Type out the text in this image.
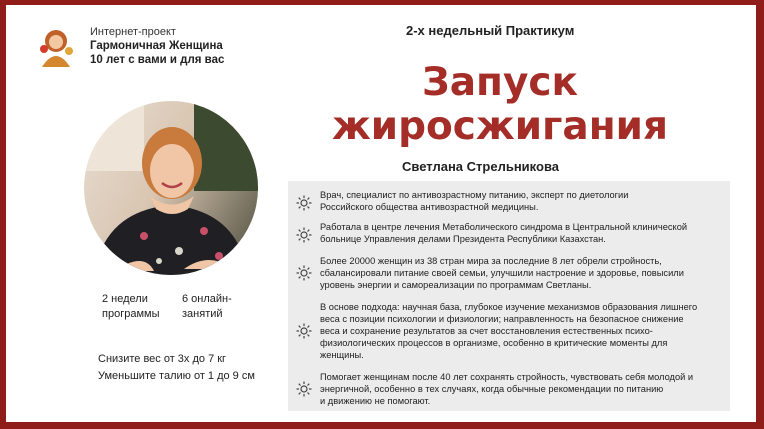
Интернет-проект
Гармоничная Женщина
10 лет с вами и для вас
2-х недельный Практикум
Запуск
жиросжигания
Светлана Стрельникова
2 недели
программы
6 онлайн-
занятий
Снизите вес от 3х до 7 кг
Уменьшите талию от 1 до 9 см
Врач, специалист по антивозрастному питанию, эксперт по диетологии
Российского общества антивозрастной медицины.
Работала в центре лечения Метаболического синдрома в Центральной клинической
больнице Управления делами Президента Республики Казахстан.
Более 20000 женщин из 38 стран мира за последние 8 лет обрели стройность,
сбалансировали питание своей семьи, улучшили настроение и здоровье, повысили
уровень энергии и самореализации по программам Светланы.
В основе подхода: научная база, глубокое изучение механизмов образования лишнего
веса с позиции психологии и физиологии; направленность на безопасное снижение
веса и сохранение результатов за счет восстановления естественных психо-
физиологических процессов в организме, особенно в критические моменты для
женщины.
Помогает женщинам после 40 лет сохранять стройность, чувствовать себя молодой и
энергичной, особенно в тех случаях, когда обычные рекомендации по питанию
и движению не помогают.
